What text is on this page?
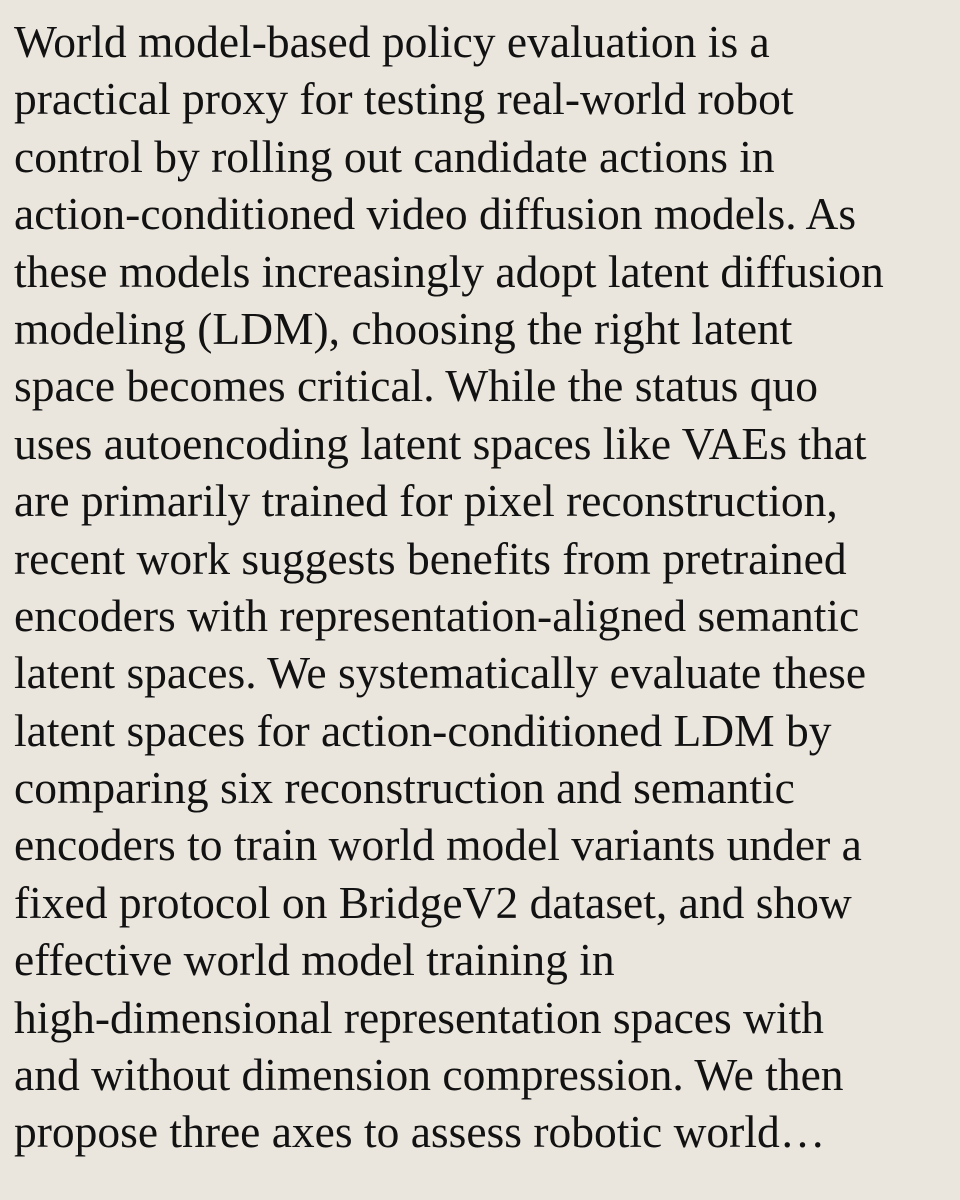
World model-based policy evaluation is a
practical proxy for testing real-world robot
control by rolling out candidate actions in
action-conditioned video diffusion models. As
these models increasingly adopt latent diffusion
modeling (LDM), choosing the right latent
space becomes critical. While the status quo
uses autoencoding latent spaces like VAEs that
are primarily trained for pixel reconstruction,
recent work suggests benefits from pretrained
encoders with representation-aligned semantic
latent spaces. We systematically evaluate these
latent spaces for action-conditioned LDM by
comparing six reconstruction and semantic
encoders to train world model variants under a
fixed protocol on BridgeV2 dataset, and show
effective world model training in
high-dimensional representation spaces with
and without dimension compression. We then
propose three axes to assess robotic world…
